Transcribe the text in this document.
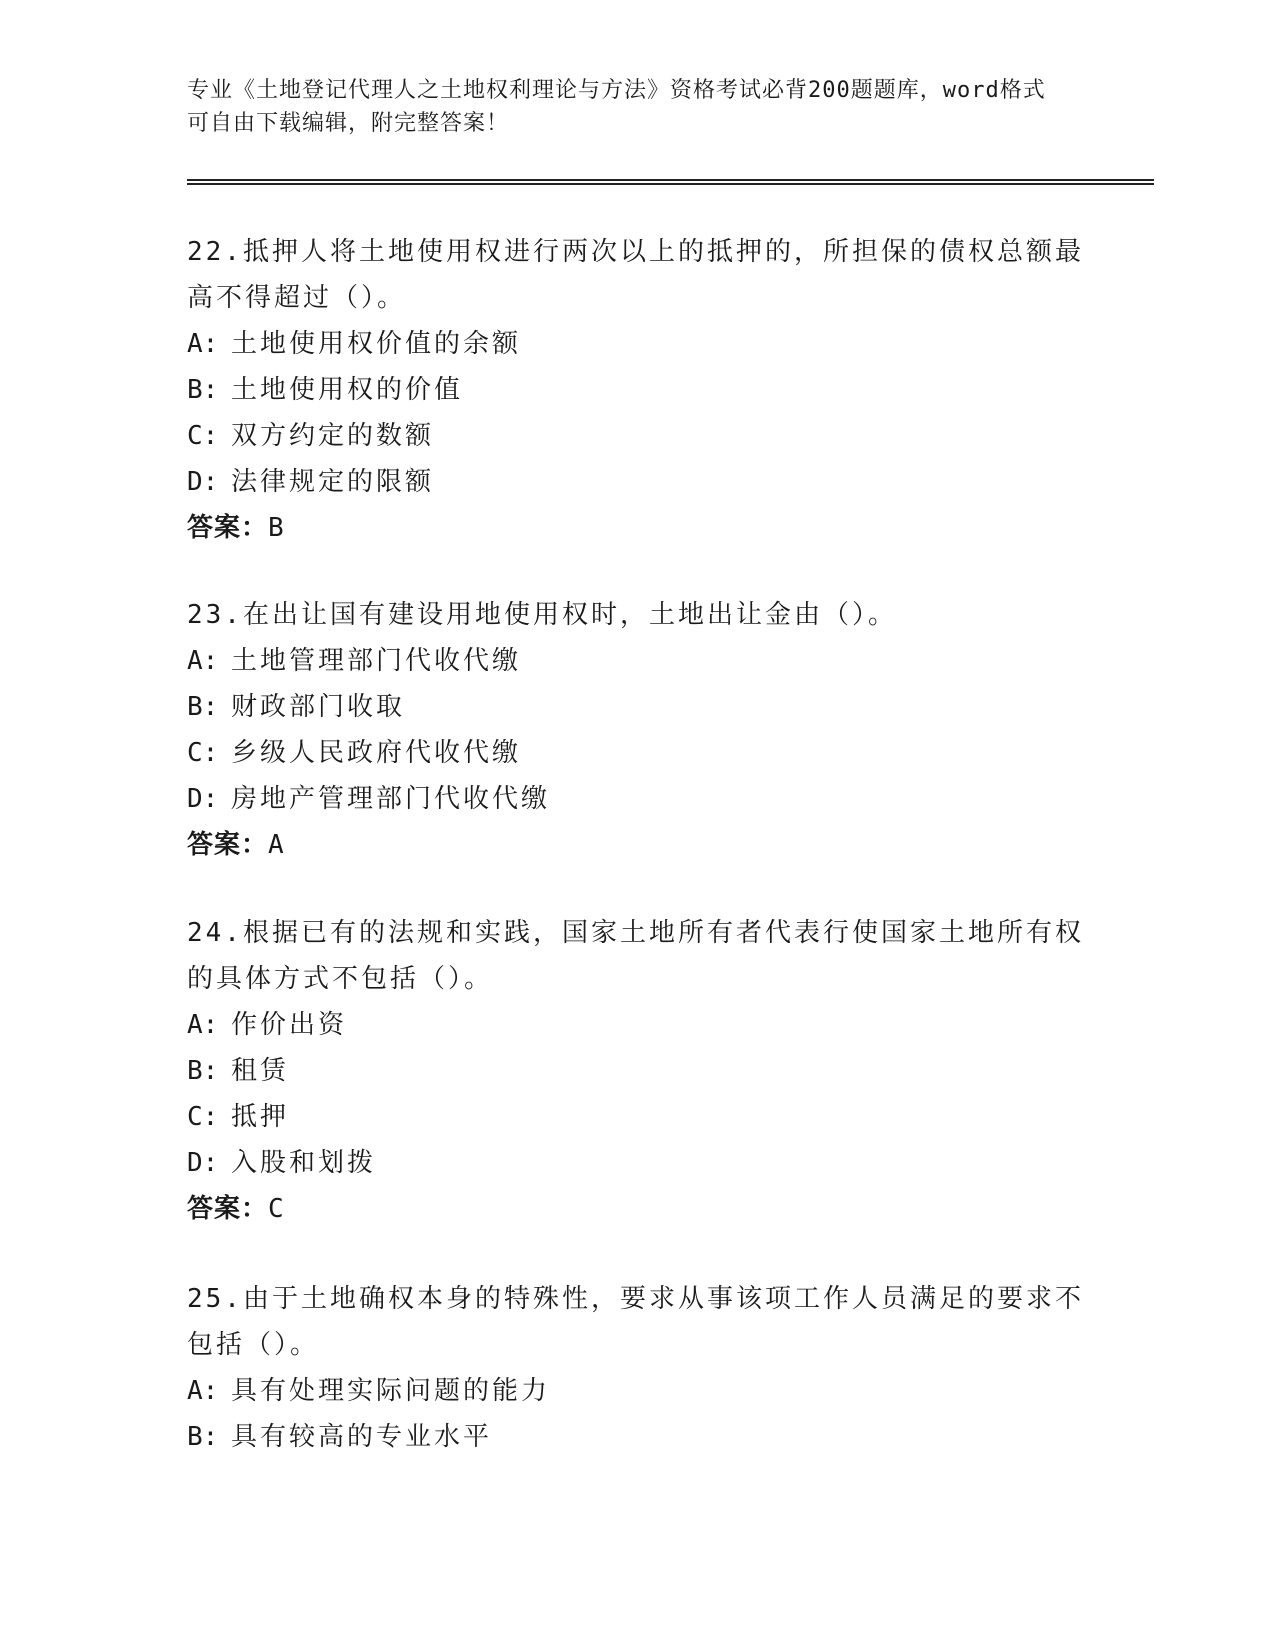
专业《土地登记代理人之土地权利理论与方法》资格考试必背200题题库，word格式可自由下载编辑，附完整答案！

22.抵押人将土地使用权进行两次以上的抵押的，所担保的债权总额最高不得超过（）。

A: 土地使用权价值的余额

B: 土地使用权的价值

C: 双方约定的数额

D: 法律规定的限额

答案：B

23.在出让国有建设用地使用权时，土地出让金由（）。

A: 土地管理部门代收代缴

B: 财政部门收取

C: 乡级人民政府代收代缴

D: 房地产管理部门代收代缴

答案：A

24.根据已有的法规和实践，国家土地所有者代表行使国家土地所有权的具体方式不包括（）。

A: 作价出资

B: 租赁

C: 抵押

D: 入股和划拨

答案：C

25.由于土地确权本身的特殊性，要求从事该项工作人员满足的要求不包括（）。

A: 具有处理实际问题的能力

B: 具有较高的专业水平
